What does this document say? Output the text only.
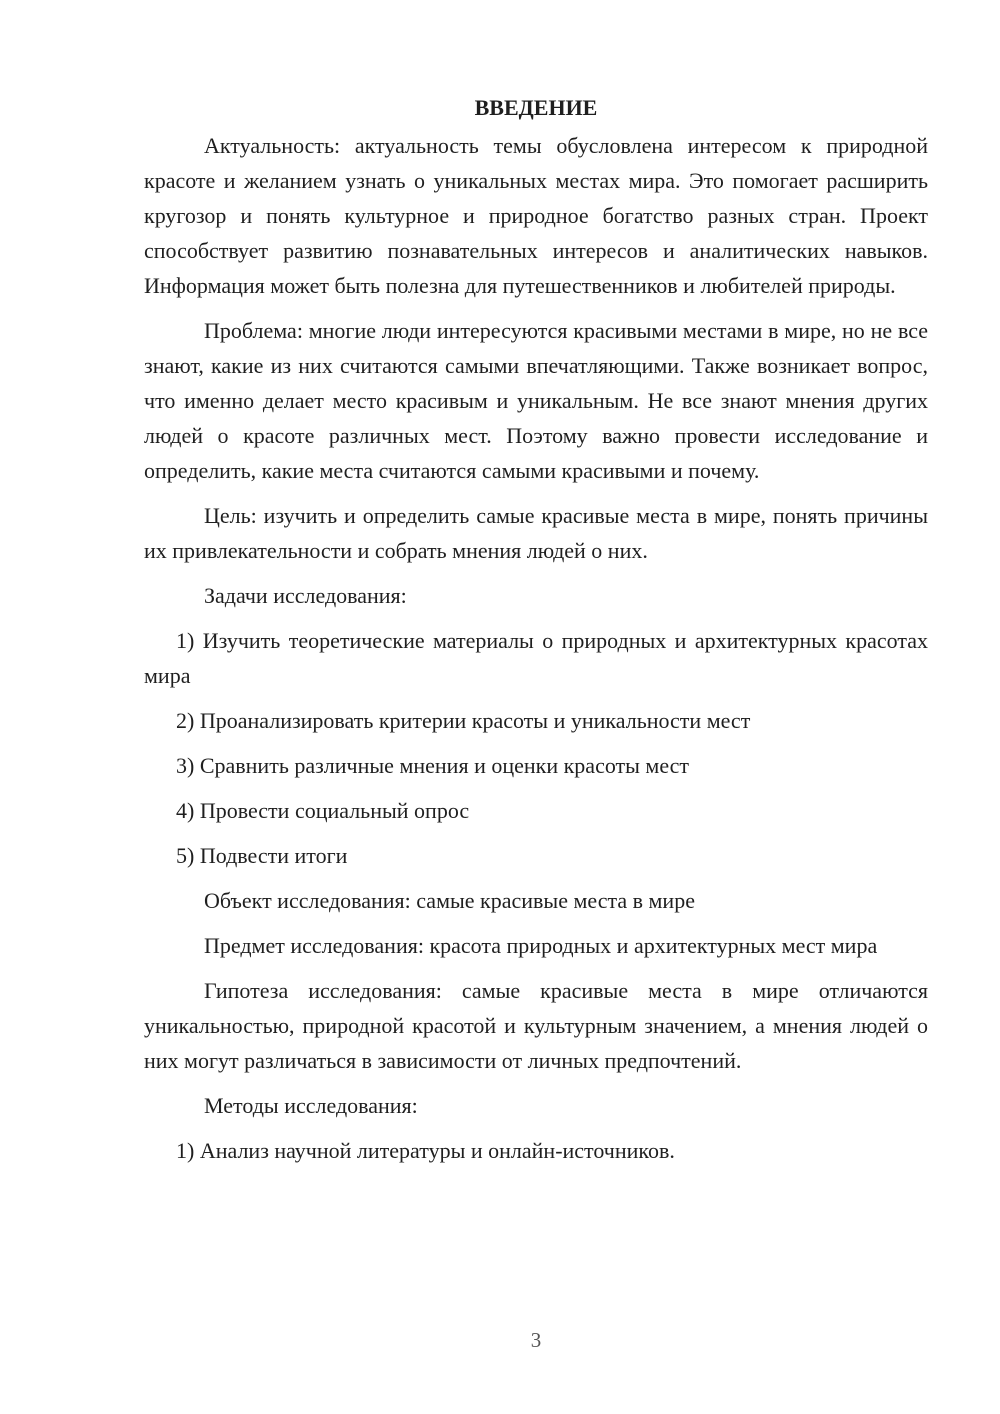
ВВЕДЕНИЕ

Актуальность: актуальность темы обусловлена интересом к природной красоте и желанием узнать о уникальных местах мира. Это помогает расширить кругозор и понять культурное и природное богатство разных стран. Проект способствует развитию познавательных интересов и аналитических навыков. Информация может быть полезна для путешественников и любителей природы.

Проблема: многие люди интересуются красивыми местами в мире, но не все знают, какие из них считаются самыми впечатляющими. Также возникает вопрос, что именно делает место красивым и уникальным. Не все знают мнения других людей о красоте различных мест. Поэтому важно провести исследование и определить, какие места считаются самыми красивыми и почему.

Цель: изучить и определить самые красивые места в мире, понять причины их привлекательности и собрать мнения людей о них.

Задачи исследования:

1) Изучить теоретические материалы о природных и архитектурных красотах мира

2) Проанализировать критерии красоты и уникальности мест

3) Сравнить различные мнения и оценки красоты мест

4) Провести социальный опрос

5) Подвести итоги

Объект исследования: самые красивые места в мире

Предмет исследования: красота природных и архитектурных мест мира

Гипотеза исследования: самые красивые места в мире отличаются уникальностью, природной красотой и культурным значением, а мнения людей о них могут различаться в зависимости от личных предпочтений.

Методы исследования:

1) Анализ научной литературы и онлайн-источников.

3
